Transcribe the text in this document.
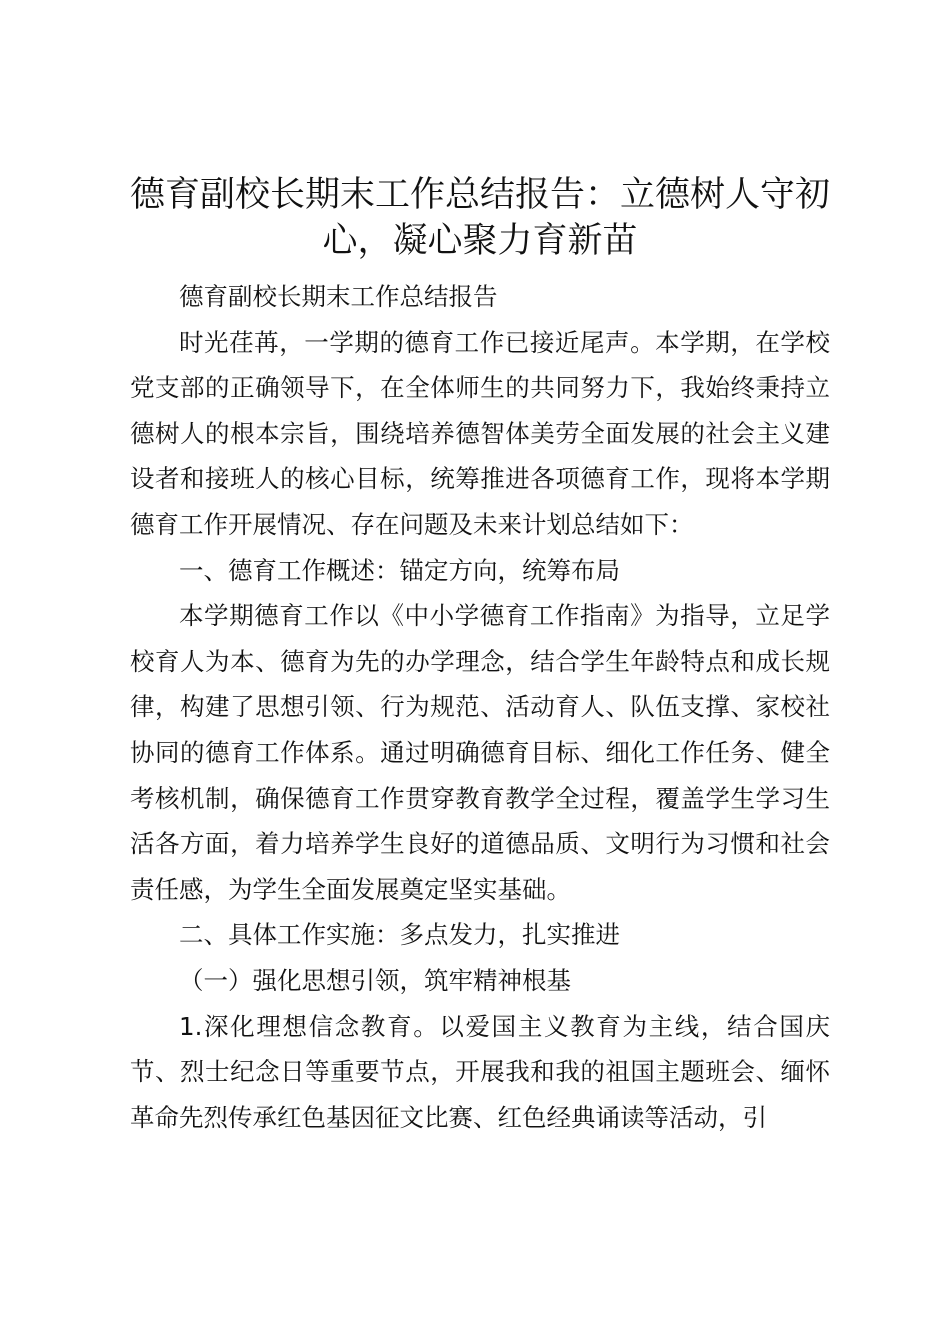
德育副校长期末工作总结报告：立德树人守初心，凝心聚力育新苗

德育副校长期末工作总结报告

时光荏苒，一学期的德育工作已接近尾声。本学期，在学校党支部的正确领导下，在全体师生的共同努力下，我始终秉持立德树人的根本宗旨，围绕培养德智体美劳全面发展的社会主义建设者和接班人的核心目标，统筹推进各项德育工作，现将本学期德育工作开展情况、存在问题及未来计划总结如下：

一、德育工作概述：锚定方向，统筹布局

本学期德育工作以《中小学德育工作指南》为指导，立足学校育人为本、德育为先的办学理念，结合学生年龄特点和成长规律，构建了思想引领、行为规范、活动育人、队伍支撑、家校社协同的德育工作体系。通过明确德育目标、细化工作任务、健全考核机制，确保德育工作贯穿教育教学全过程，覆盖学生学习生活各方面，着力培养学生良好的道德品质、文明行为习惯和社会责任感，为学生全面发展奠定坚实基础。

二、具体工作实施：多点发力，扎实推进

（一）强化思想引领，筑牢精神根基

1.深化理想信念教育。以爱国主义教育为主线，结合国庆节、烈士纪念日等重要节点，开展我和我的祖国主题班会、缅怀革命先烈传承红色基因征文比赛、红色经典诵读等活动，引
